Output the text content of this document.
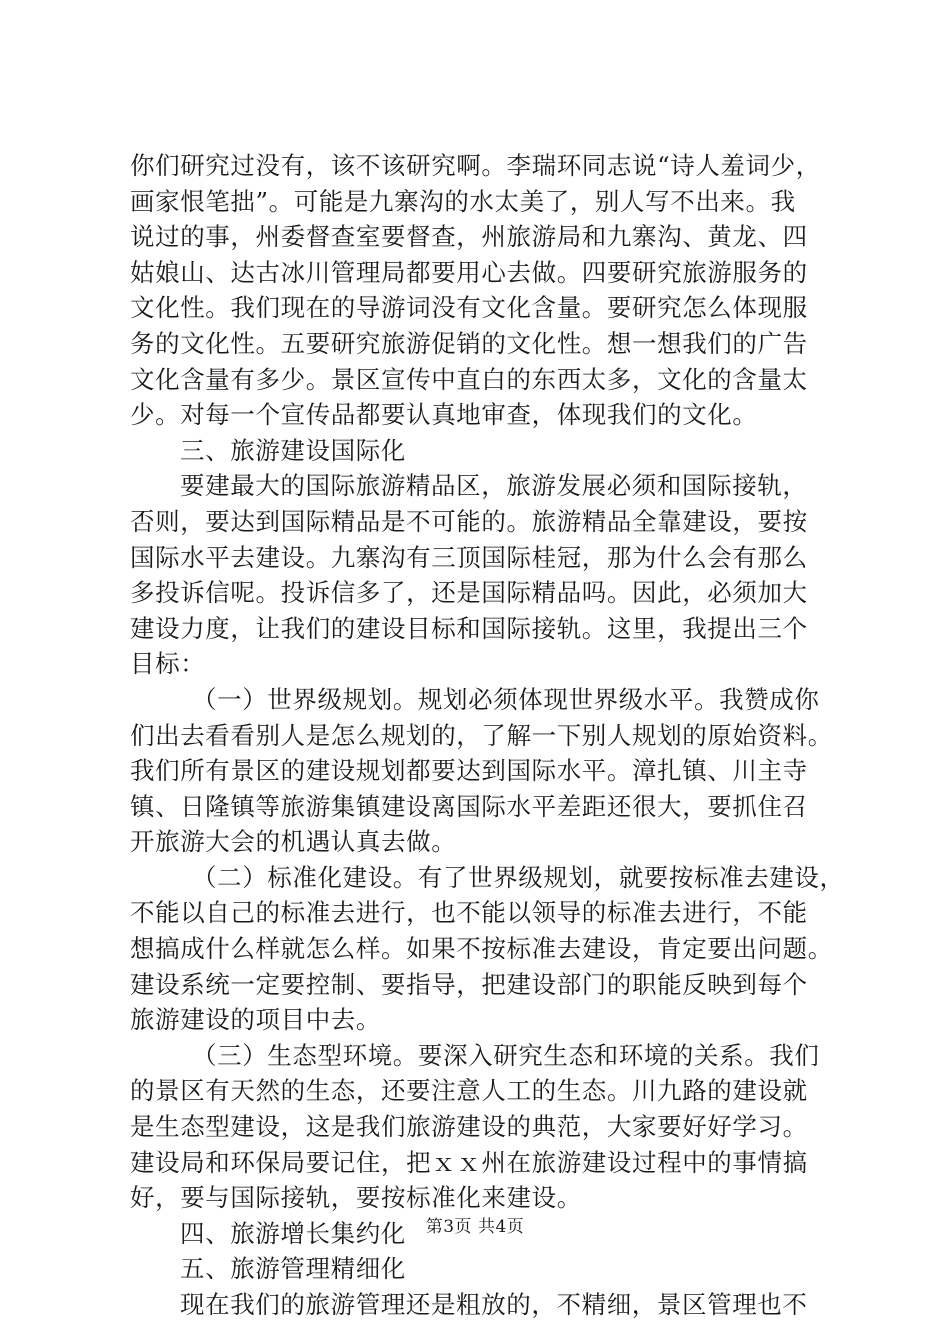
你们研究过没有，该不该研究啊。李瑞环同志说“诗人羞词少，
画家恨笔拙”。可能是九寨沟的水太美了，别人写不出来。我
说过的事，州委督查室要督查，州旅游局和九寨沟、黄龙、四
姑娘山、达古冰川管理局都要用心去做。四要研究旅游服务的
文化性。我们现在的导游词没有文化含量。要研究怎么体现服
务的文化性。五要研究旅游促销的文化性。想一想我们的广告
文化含量有多少。景区宣传中直白的东西太多，文化的含量太
少。对每一个宣传品都要认真地审查，体现我们的文化。
三、旅游建设国际化
要建最大的国际旅游精品区，旅游发展必须和国际接轨，
否则，要达到国际精品是不可能的。旅游精品全靠建设，要按
国际水平去建设。九寨沟有三顶国际桂冠，那为什么会有那么
多投诉信呢。投诉信多了，还是国际精品吗。因此，必须加大
建设力度，让我们的建设目标和国际接轨。这里，我提出三个
目标：
（一）世界级规划。规划必须体现世界级水平。我赞成你
们出去看看别人是怎么规划的，了解一下别人规划的原始资料。
我们所有景区的建设规划都要达到国际水平。漳扎镇、川主寺
镇、日隆镇等旅游集镇建设离国际水平差距还很大，要抓住召
开旅游大会的机遇认真去做。
（二）标准化建设。有了世界级规划，就要按标准去建设，
不能以自己的标准去进行，也不能以领导的标准去进行，不能
想搞成什么样就怎么样。如果不按标准去建设，肯定要出问题。
建设系统一定要控制、要指导，把建设部门的职能反映到每个
旅游建设的项目中去。
（三）生态型环境。要深入研究生态和环境的关系。我们
的景区有天然的生态，还要注意人工的生态。川九路的建设就
是生态型建设，这是我们旅游建设的典范，大家要好好学习。
建设局和环保局要记住，把ｘｘ州在旅游建设过程中的事情搞
好，要与国际接轨，要按标准化来建设。
四、旅游增长集约化
五、旅游管理精细化
现在我们的旅游管理还是粗放的，不精细，景区管理也不
第3页 共4页
